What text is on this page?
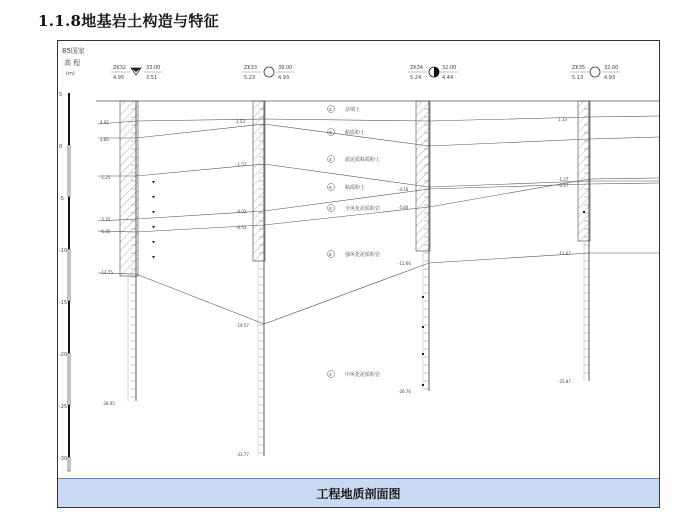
1.1.8地基岩土构造与特征
85国家
高 程
(m)
5
0
-5
-10
-15
-20
-25
-30
ZK32
4.95
33.00
3.51
ZK33
5.23
39.00
4.93
ZK34
5.24
32.00
4.44
ZK35
5.13
32.00
4.93
4.95
2.85
-1.25
-5.75
-6.85
-13.75
-28.05
2.53
-1.57
-4.03
-6.53
-19.57
-33.77
-4.16
-5.84
-11.66
-26.76
1.33
-1.27
-3.17
-11.67
-25.87
①	杂填土
②	粘质粉土
③	淤泥质粘质粉土
④	粘质粉土
⑤	全风化泥质粉岩
⑥	强风化泥质粉岩
⑦	中风化泥质粉岩
工程地质剖面图
